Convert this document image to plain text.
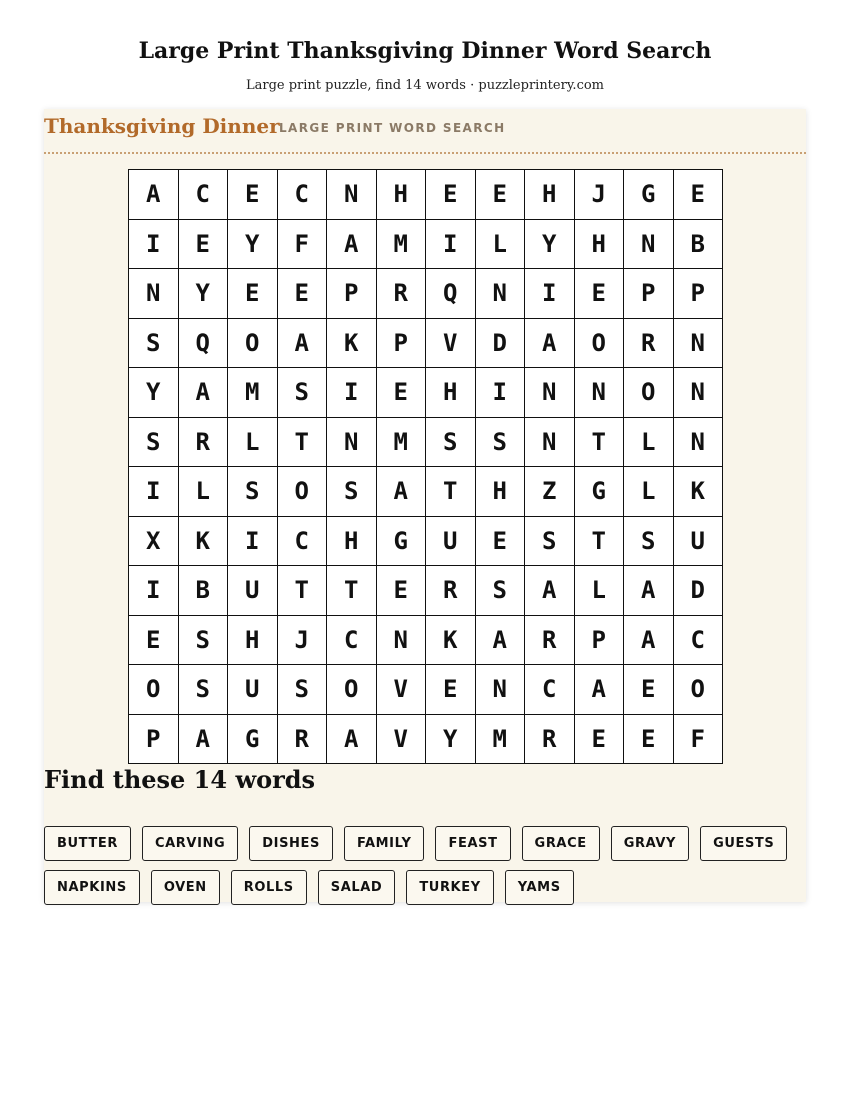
Large Print Thanksgiving Dinner Word Search
Large print puzzle, find 14 words · puzzleprintery.com
Thanksgiving Dinner LARGE PRINT WORD SEARCH
A	C	E	C	N	H	E	E	H	J	G	E
I	E	Y	F	A	M	I	L	Y	H	N	B
N	Y	E	E	P	R	Q	N	I	E	P	P
S	Q	O	A	K	P	V	D	A	O	R	N
Y	A	M	S	I	E	H	I	N	N	O	N
S	R	L	T	N	M	S	S	N	T	L	N
I	L	S	O	S	A	T	H	Z	G	L	K
X	K	I	C	H	G	U	E	S	T	S	U
I	B	U	T	T	E	R	S	A	L	A	D
E	S	H	J	C	N	K	A	R	P	A	C
O	S	U	S	O	V	E	N	C	A	E	O
P	A	G	R	A	V	Y	M	R	E	E	F
Find these 14 words
BUTTER	CARVING	DISHES	FAMILY	FEAST	GRACE	GRAVY	GUESTS
NAPKINS	OVEN	ROLLS	SALAD	TURKEY	YAMS
